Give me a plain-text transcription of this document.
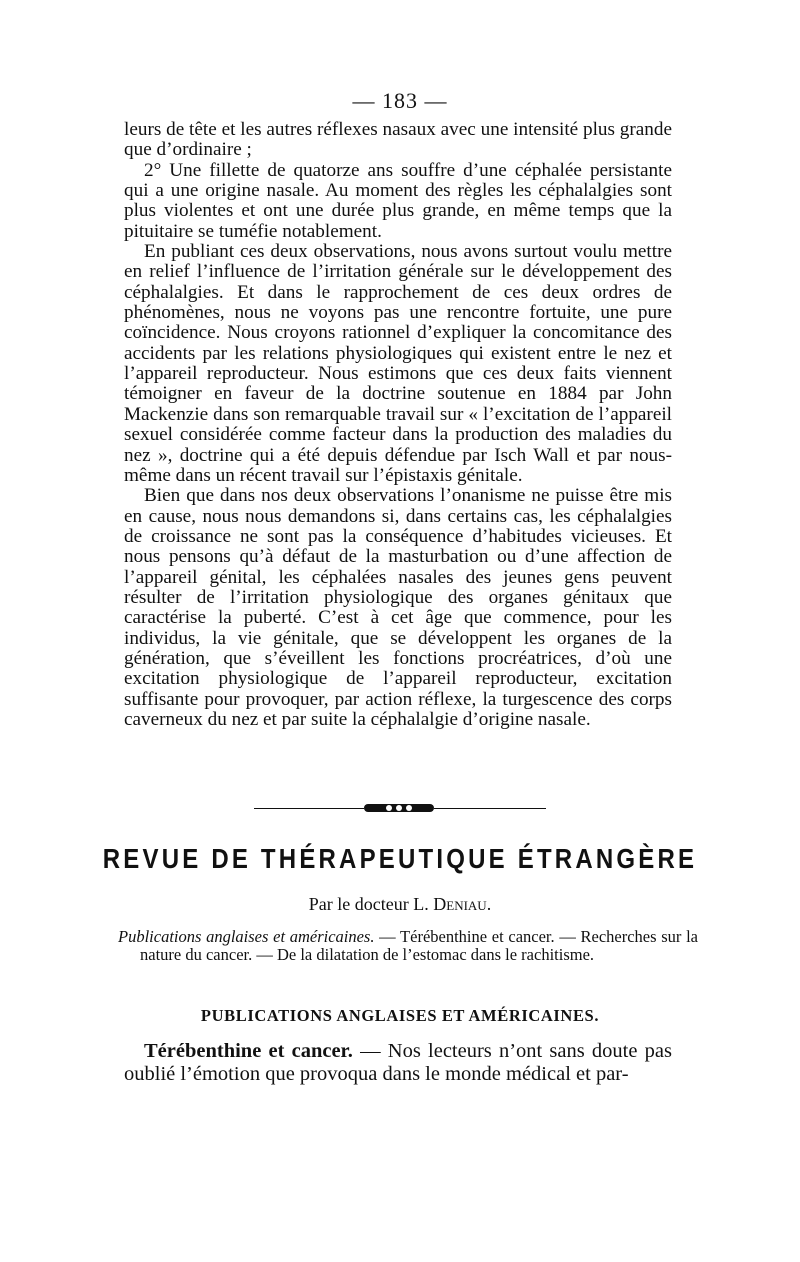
— 183 —

leurs de tête et les autres réflexes nasaux avec une intensité plus grande que d’ordinaire ;

2° Une fillette de quatorze ans souffre d’une céphalée persistante qui a une origine nasale. Au moment des règles les céphalalgies sont plus violentes et ont une durée plus grande, en même temps que la pituitaire se tuméfie notablement.

En publiant ces deux observations, nous avons surtout voulu mettre en relief l’influence de l’irritation générale sur le développement des céphalalgies. Et dans le rapprochement de ces deux ordres de phénomènes, nous ne voyons pas une rencontre fortuite, une pure coïncidence. Nous croyons rationnel d’expliquer la concomitance des accidents par les relations physiologiques qui existent entre le nez et l’appareil reproducteur. Nous estimons que ces deux faits viennent témoigner en faveur de la doctrine soutenue en 1884 par John Mackenzie dans son remarquable travail sur « l’excitation de l’appareil sexuel considérée comme facteur dans la production des maladies du nez », doctrine qui a été depuis défendue par Isch Wall et par nous-même dans un récent travail sur l’épistaxis génitale.

Bien que dans nos deux observations l’onanisme ne puisse être mis en cause, nous nous demandons si, dans certains cas, les céphalalgies de croissance ne sont pas la conséquence d’habitudes vicieuses. Et nous pensons qu’à défaut de la masturbation ou d’une affection de l’appareil génital, les céphalées nasales des jeunes gens peuvent résulter de l’irritation physiologique des organes génitaux que caractérise la puberté. C’est à cet âge que commence, pour les individus, la vie génitale, que se développent les organes de la génération, que s’éveillent les fonctions procréatrices, d’où une excitation physiologique de l’appareil reproducteur, excitation suffisante pour provoquer, par action réflexe, la turgescence des corps caverneux du nez et par suite la céphalalgie d’origine nasale.

REVUE DE THÉRAPEUTIQUE ÉTRANGÈRE
Par le docteur L. Deniau.
Publications anglaises et américaines. — Térébenthine et cancer. — Recherches sur la nature du cancer. — De la dilatation de l’estomac dans le rachitisme.
PUBLICATIONS ANGLAISES ET AMÉRICAINES.

Térébenthine et cancer. — Nos lecteurs n’ont sans doute pas oublié l’émotion que provoqua dans le monde médical et par-
